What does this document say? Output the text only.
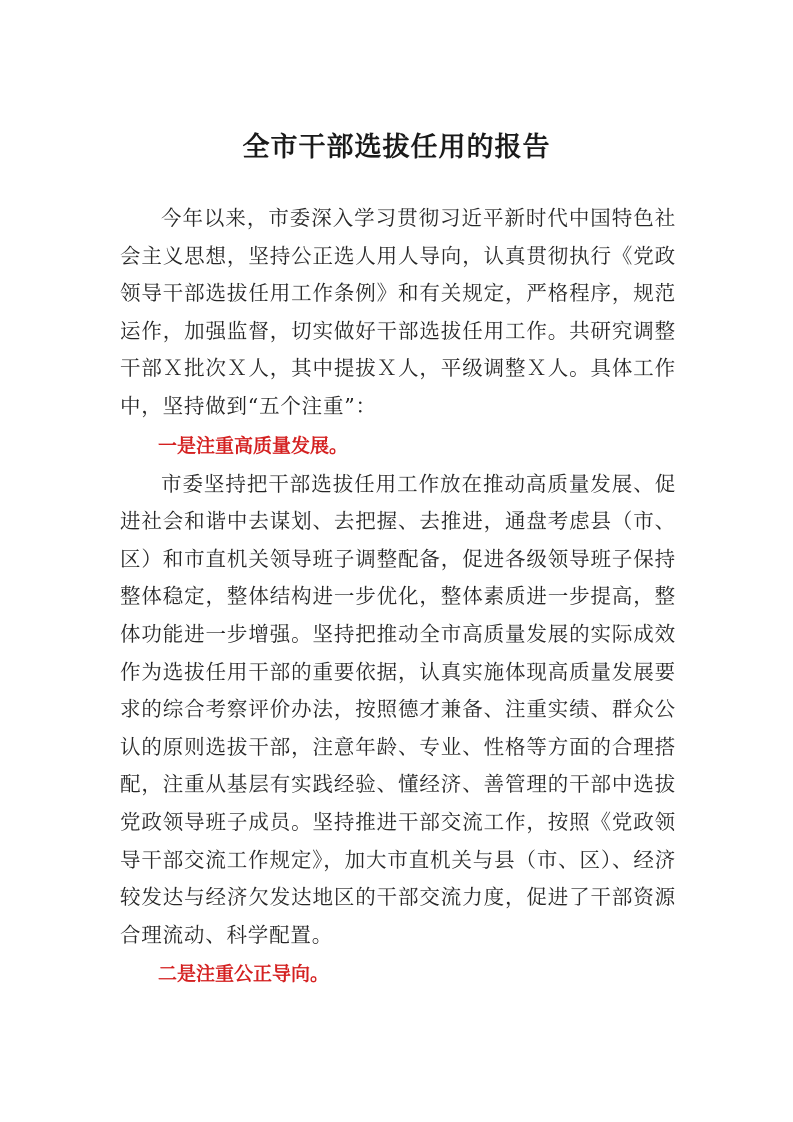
全市干部选拔任用的报告

今年以来，市委深入学习贯彻习近平新时代中国特色社会主义思想，坚持公正选人用人导向，认真贯彻执行《党政领导干部选拔任用工作条例》和有关规定，严格程序，规范运作，加强监督，切实做好干部选拔任用工作。共研究调整干部Ｘ批次Ｘ人，其中提拔Ｘ人，平级调整Ｘ人。具体工作中，坚持做到“五个注重”：

一是注重高质量发展。

市委坚持把干部选拔任用工作放在推动高质量发展、促进社会和谐中去谋划、去把握、去推进，通盘考虑县（市、区）和市直机关领导班子调整配备，促进各级领导班子保持整体稳定，整体结构进一步优化，整体素质进一步提高，整体功能进一步增强。坚持把推动全市高质量发展的实际成效作为选拔任用干部的重要依据，认真实施体现高质量发展要求的综合考察评价办法，按照德才兼备、注重实绩、群众公认的原则选拔干部，注意年龄、专业、性格等方面的合理搭配，注重从基层有实践经验、懂经济、善管理的干部中选拔党政领导班子成员。坚持推进干部交流工作，按照《党政领导干部交流工作规定》，加大市直机关与县（市、区）、经济较发达与经济欠发达地区的干部交流力度，促进了干部资源合理流动、科学配置。

二是注重公正导向。
